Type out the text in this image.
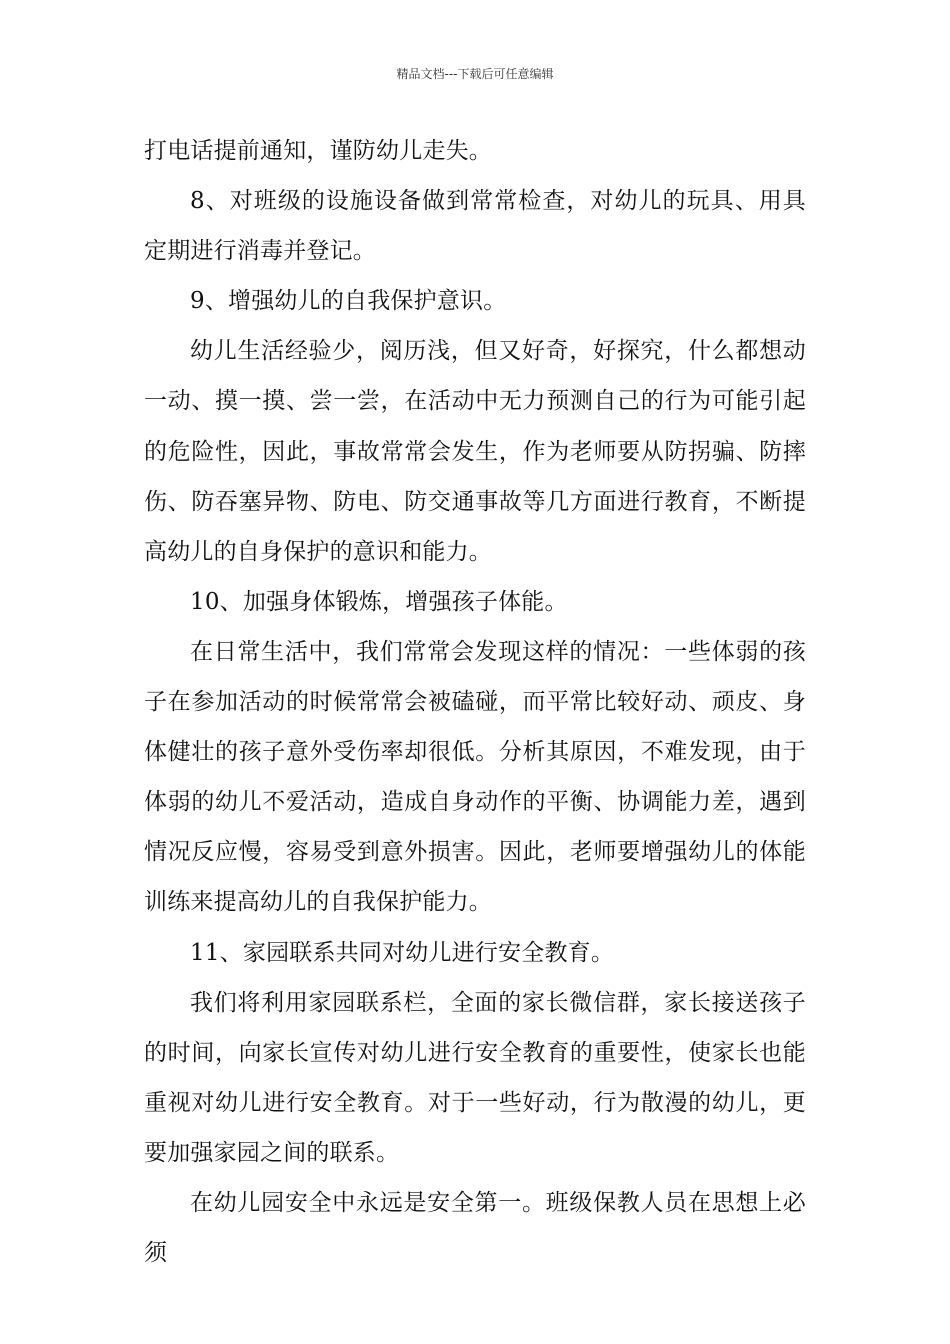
精品文档---下载后可任意编辑

打电话提前通知，谨防幼儿走失。

8、对班级的设施设备做到常常检查，对幼儿的玩具、用具定期进行消毒并登记。

9、增强幼儿的自我保护意识。

幼儿生活经验少，阅历浅，但又好奇，好探究，什么都想动一动、摸一摸、尝一尝，在活动中无力预测自己的行为可能引起的危险性，因此，事故常常会发生，作为老师要从防拐骗、防摔伤、防吞塞异物、防电、防交通事故等几方面进行教育，不断提高幼儿的自身保护的意识和能力。

10、加强身体锻炼，增强孩子体能。

在日常生活中，我们常常会发现这样的情况：一些体弱的孩子在参加活动的时候常常会被磕碰，而平常比较好动、顽皮、身体健壮的孩子意外受伤率却很低。分析其原因，不难发现，由于体弱的幼儿不爱活动，造成自身动作的平衡、协调能力差，遇到情况反应慢，容易受到意外损害。因此，老师要增强幼儿的体能训练来提高幼儿的自我保护能力。

11、家园联系共同对幼儿进行安全教育。

我们将利用家园联系栏，全面的家长微信群，家长接送孩子的时间，向家长宣传对幼儿进行安全教育的重要性，使家长也能重视对幼儿进行安全教育。对于一些好动，行为散漫的幼儿，更要加强家园之间的联系。

在幼儿园安全中永远是安全第一。班级保教人员在思想上必须
